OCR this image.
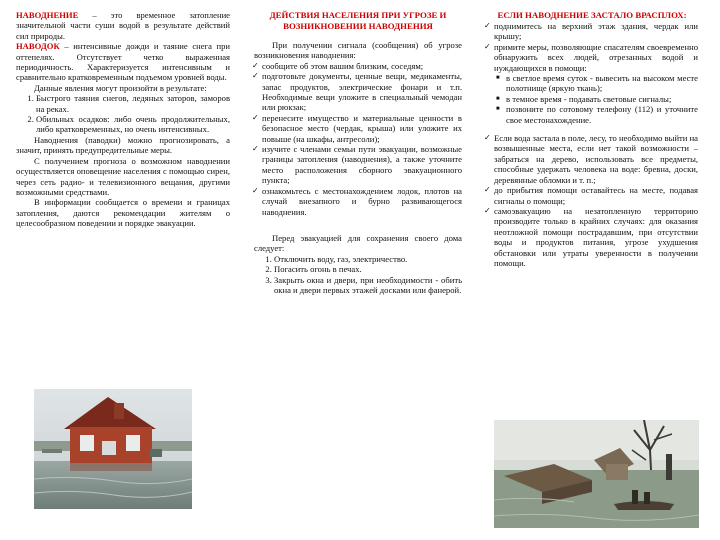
НАВОДНЕНИЕ – это временное затопление значительной части суши водой в результате действий сил природы.

НАВОДОК – интенсивные дожди и таяние снега при оттепелях. Отсутствует четко выраженная периодичность. Характеризуется интенсивным и сравнительно кратковременным подъемом уровней воды.

Данные явления могут произойти в результате:

1. Быстрого таяния снегов, ледяных заторов, заморов на реках.
2. Обильных осадков: либо очень продолжительных, либо кратковременных, но очень интенсивных.

Наводнения (паводки) можно прогнозировать, а значит, принять предупредительные меры.

С получением прогноза о возможном наводнении осуществляется оповещение населения с помощью сирен, через сеть радио- и телевизионного вещания, другими возможными средствами.

В информации сообщается о времени и границах затопления, даются рекомендации жителям о целесообразном поведении и порядке эвакуации.

ДЕЙСТВИЯ НАСЕЛЕНИЯ ПРИ УГРОЗЕ И ВОЗНИКНОВЕНИИ НАВОДНЕНИЯ

При получении сигнала (сообщения) об угрозе возникновения наводнения:

✓ сообщите об этом вашим близким, соседям;
✓ подготовьте документы, ценные вещи, медикаменты, запас продуктов, электрические фонари и т.п. Необходимые вещи уложите в специальный чемодан или рюкзак;
✓ перенесите имущество и материальные ценности в безопасное место (чердак, крыша) или уложите их повыше (на шкафы, антресоли);
✓ изучите с членами семьи пути эвакуации, возможные границы затопления (наводнения), а также уточните место расположения сборного эвакуационного пункта;
✓ ознакомьтесь с местонахождением лодок, плотов на случай внезапного и бурно развивающегося наводнения.

Перед эвакуацией для сохранения своего дома следует:

1. Отключить воду, газ, электричество.
2. Погасить огонь в печах.
3. Закрыть окна и двери, при необходимости - обить окна и двери первых этажей досками или фанерой.

ЕСЛИ НАВОДНЕНИЕ ЗАСТАЛО ВРАСПЛОХ:

✓ поднимитесь на верхний этаж здания, чердак или крышу;
✓ примите меры, позволяющие спасателям своевременно обнаружить всех людей, отрезанных водой и нуждающихся в помощи:
■ в светлое время суток - вывесить на высоком месте полотнище (яркую ткань);
■ в темное время - подавать световые сигналы;
■ позвоните по сотовому телефону (112) и уточните свое местонахождение.
✓ Если вода застала в поле, лесу, то необходимо выйти на возвышенные места, если нет такой возможности – забраться на дерево, использовать все предметы, способные удержать человека на воде: бревна, доски, деревянные обломки и т. п.;
✓ до прибытия помощи оставайтесь на месте, подавая сигналы о помощи;
✓ самоэвакуацию на незатопленную территорию производите только в крайних случаях: для оказания неотложной помощи пострадавшим, при отсутствии воды и продуктов питания, угрозе ухудшения обстановки или утраты уверенности в получении помощи.
